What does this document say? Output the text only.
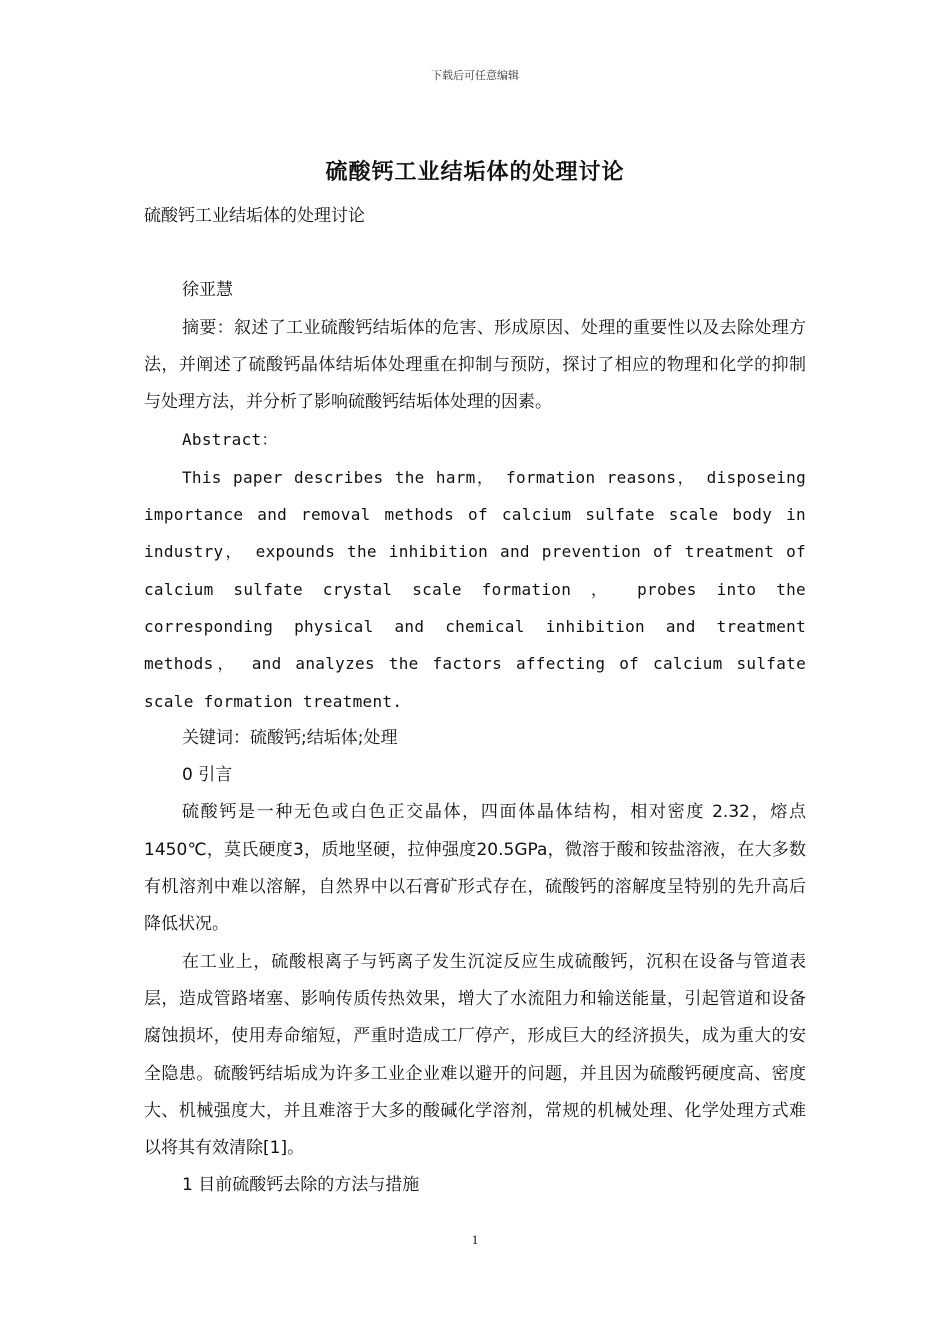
下载后可任意编辑
硫酸钙工业结垢体的处理讨论

硫酸钙工业结垢体的处理讨论

徐亚慧

摘要：叙述了工业硫酸钙结垢体的危害、形成原因、处理的重要性以及去除处理方法，并阐述了硫酸钙晶体结垢体处理重在抑制与预防，探讨了相应的物理和化学的抑制与处理方法，并分析了影响硫酸钙结垢体处理的因素。

Abstract：

This paper describes the harm， formation reasons， disposeing importance and removal methods of calcium sulfate scale body in industry， expounds the inhibition and prevention of treatment of calcium sulfate crystal scale formation ， probes into the corresponding physical and chemical inhibition and treatment methods， and analyzes the factors affecting of calcium sulfate scale formation treatment.

关键词：硫酸钙;结垢体;处理

0 引言

硫酸钙是一种无色或白色正交晶体，四面体晶体结构，相对密度 2.32，熔点1450℃，莫氏硬度3，质地坚硬，拉伸强度20.5GPa，微溶于酸和铵盐溶液，在大多数有机溶剂中难以溶解，自然界中以石膏矿形式存在，硫酸钙的溶解度呈特别的先升高后降低状况。

在工业上，硫酸根离子与钙离子发生沉淀反应生成硫酸钙，沉积在设备与管道表层，造成管路堵塞、影响传质传热效果，增大了水流阻力和输送能量，引起管道和设备腐蚀损坏，使用寿命缩短，严重时造成工厂停产，形成巨大的经济损失，成为重大的安全隐患。硫酸钙结垢成为许多工业企业难以避开的问题，并且因为硫酸钙硬度高、密度大、机械强度大，并且难溶于大多的酸碱化学溶剂，常规的机械处理、化学处理方式难以将其有效清除[1]。

1 目前硫酸钙去除的方法与措施

1
